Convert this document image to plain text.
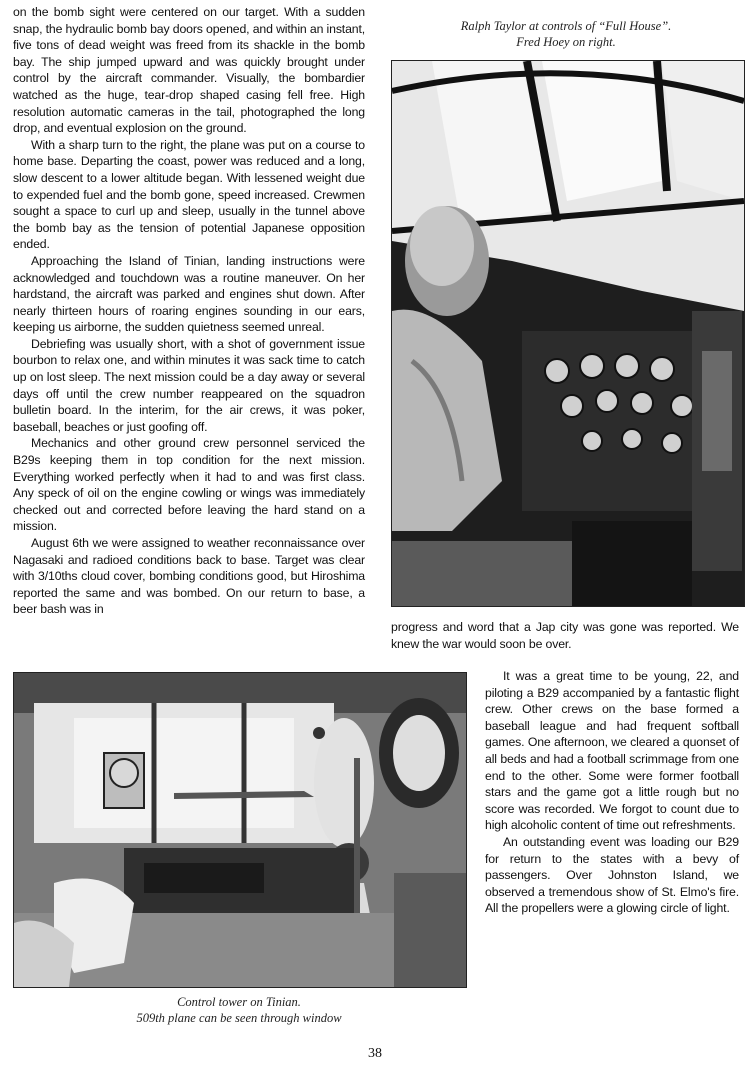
on the bomb sight were centered on our target. With a sudden snap, the hydraulic bomb bay doors opened, and within an instant, five tons of dead weight was freed from its shackle in the bomb bay. The ship jumped upward and was quickly brought under control by the aircraft commander. Visually, the bombardier watched as the huge, tear-drop shaped casing fell free. High resolution automatic cameras in the tail, photographed the long drop, and eventual explosion on the ground.

With a sharp turn to the right, the plane was put on a course to home base. Departing the coast, power was reduced and a long, slow descent to a lower altitude began. With lessened weight due to expended fuel and the bomb gone, speed increased. Crewmen sought a space to curl up and sleep, usually in the tunnel above the bomb bay as the tension of potential Japanese opposition ended.

Approaching the Island of Tinian, landing instructions were acknowledged and touchdown was a routine maneuver. On her hardstand, the aircraft was parked and engines shut down. After nearly thirteen hours of roaring engines sounding in our ears, keeping us airborne, the sudden quietness seemed unreal.

Debriefing was usually short, with a shot of government issue bourbon to relax one, and within minutes it was sack time to catch up on lost sleep. The next mission could be a day away or several days off until the crew number reappeared on the squadron bulletin board. In the interim, for the air crews, it was poker, baseball, beaches or just goofing off.

Mechanics and other ground crew personnel serviced the B29s keeping them in top condition for the next mission. Everything worked perfectly when it had to and was first class. Any speck of oil on the engine cowling or wings was immediately checked out and corrected before leaving the hard stand on a mission.

August 6th we were assigned to weather reconnaissance over Nagasaki and radioed conditions back to base. Target was clear with 3/10ths cloud cover, bombing conditions good, but Hiroshima reported the same and was bombed. On our return to base, a beer bash was in

Ralph Taylor at controls of “Full House”.
Fred Hoey on right.

progress and word that a Jap city was gone was reported. We knew the war would soon be over.

It was a great time to be young, 22, and piloting a B29 accompanied by a fantastic flight crew. Other crews on the base formed a baseball league and had frequent softball games. One afternoon, we cleared a quonset of all beds and had a football scrimmage from one end to the other. Some were former football stars and the game got a little rough but no score was recorded. We forgot to count due to high alcoholic content of time out refreshments.

An outstanding event was loading our B29 for return to the states with a bevy of passengers. Over Johnston Island, we observed a tremendous show of St. Elmo's fire. All the propellers were a glowing circle of light.

Control tower on Tinian.
509th plane can be seen through window
38
